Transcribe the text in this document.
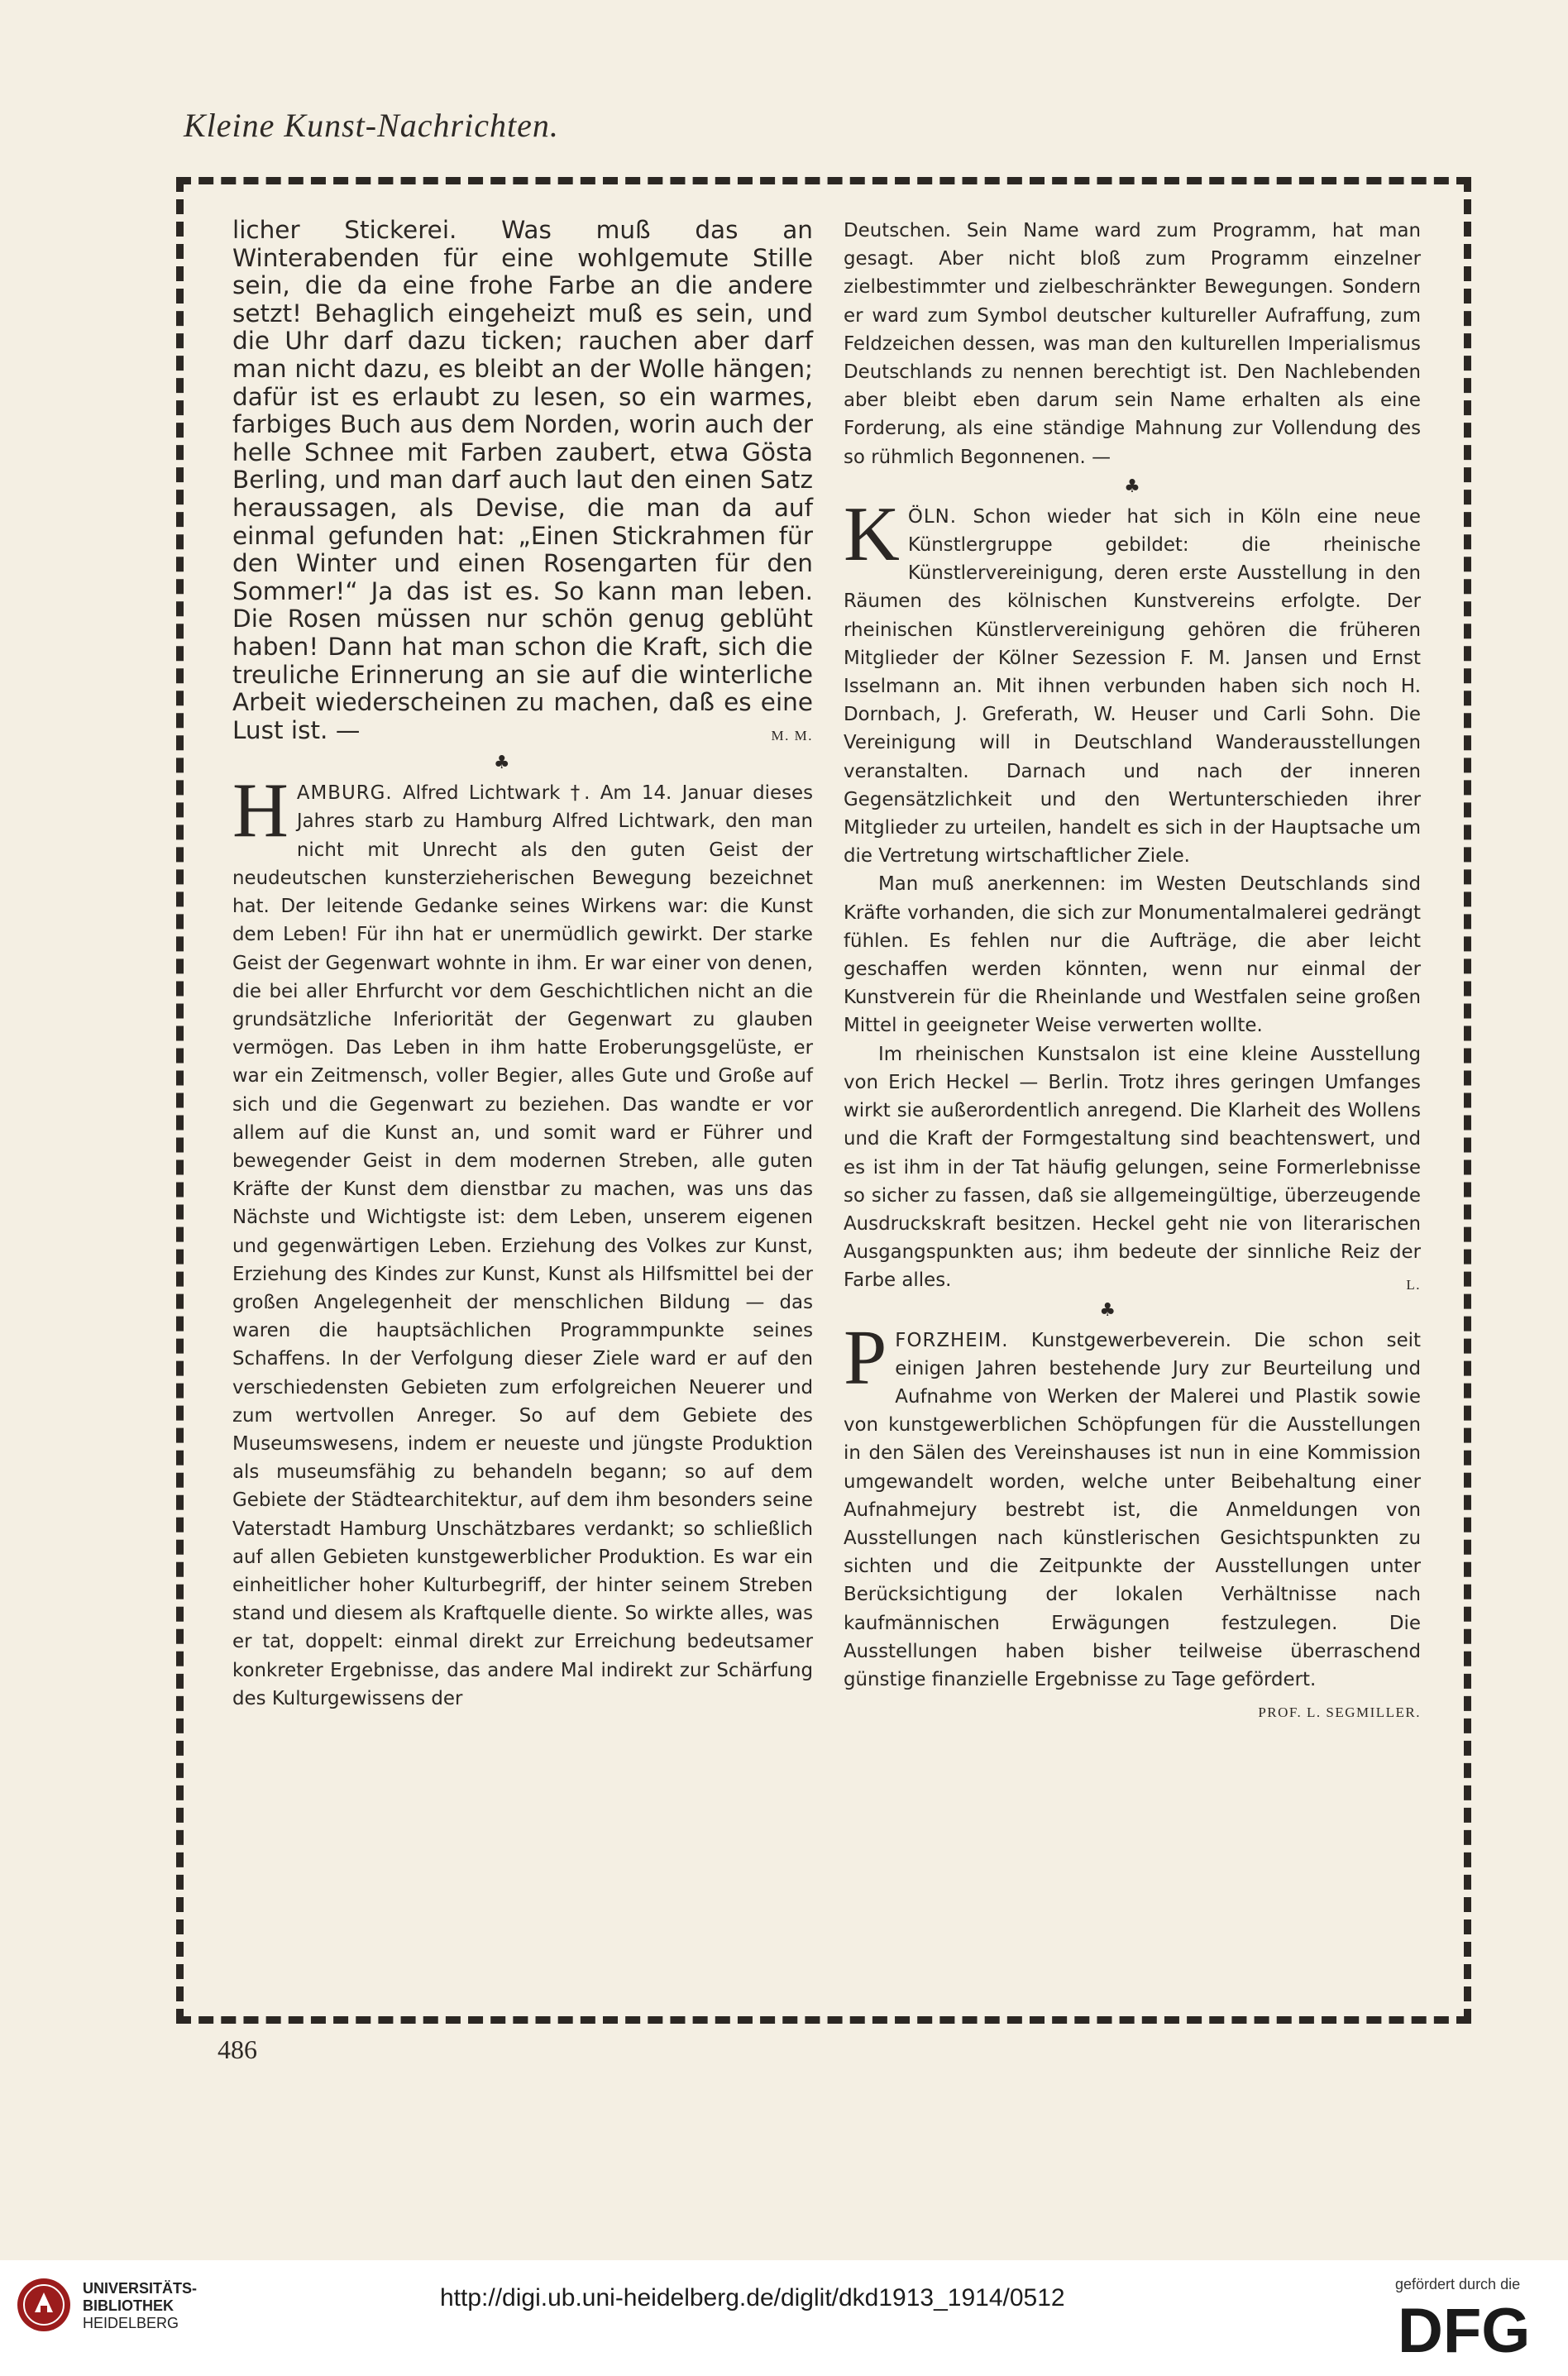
Kleine Kunst-Nachrichten.

licher Stickerei. Was muß das an Winterabenden für eine wohlgemute Stille sein, die da eine frohe Farbe an die andere setzt! Behaglich eingeheizt muß es sein, und die Uhr darf dazu ticken; rauchen aber darf man nicht dazu, es bleibt an der Wolle hängen; dafür ist es erlaubt zu lesen, so ein warmes, farbiges Buch aus dem Norden, worin auch der helle Schnee mit Farben zaubert, etwa Gösta Berling, und man darf auch laut den einen Satz heraussagen, als Devise, die man da auf einmal gefunden hat: „Einen Stickrahmen für den Winter und einen Rosengarten für den Sommer!“ Ja das ist es. So kann man leben. Die Rosen müssen nur schön genug geblüht haben! Dann hat man schon die Kraft, sich die treuliche Erinnerung an sie auf die winterliche Arbeit wiederscheinen zu machen, daß es eine Lust ist. —	M. M.

♣

H AMBURG. Alfred Lichtwark †. Am 14. Januar dieses Jahres starb zu Hamburg Alfred Lichtwark, den man nicht mit Unrecht als den guten Geist der neudeutschen kunsterzieherischen Bewegung bezeichnet hat. Der leitende Gedanke seines Wirkens war: die Kunst dem Leben! Für ihn hat er unermüdlich gewirkt. Der starke Geist der Gegenwart wohnte in ihm. Er war einer von denen, die bei aller Ehrfurcht vor dem Geschichtlichen nicht an die grundsätzliche Inferiorität der Gegenwart zu glauben vermögen. Das Leben in ihm hatte Eroberungsgelüste, er war ein Zeitmensch, voller Begier, alles Gute und Große auf sich und die Gegenwart zu beziehen. Das wandte er vor allem auf die Kunst an, und somit ward er Führer und bewegender Geist in dem modernen Streben, alle guten Kräfte der Kunst dem dienstbar zu machen, was uns das Nächste und Wichtigste ist: dem Leben, unserem eigenen und gegenwärtigen Leben. Erziehung des Volkes zur Kunst, Erziehung des Kindes zur Kunst, Kunst als Hilfsmittel bei der großen Angelegenheit der menschlichen Bildung — das waren die hauptsächlichen Programmpunkte seines Schaffens. In der Verfolgung dieser Ziele ward er auf den verschiedensten Gebieten zum erfolgreichen Neuerer und zum wertvollen Anreger. So auf dem Gebiete des Museumswesens, indem er neueste und jüngste Produktion als museumsfähig zu behandeln begann; so auf dem Gebiete der Städtearchitektur, auf dem ihm besonders seine Vaterstadt Hamburg Unschätzbares verdankt; so schließlich auf allen Gebieten kunstgewerblicher Produktion. Es war ein einheitlicher hoher Kulturbegriff, der hinter seinem Streben stand und diesem als Kraftquelle diente. So wirkte alles, was er tat, doppelt: einmal direkt zur Erreichung bedeutsamer konkreter Ergebnisse, das andere Mal indirekt zur Schärfung des Kulturgewissens der

Deutschen. Sein Name ward zum Programm, hat man gesagt. Aber nicht bloß zum Programm einzelner zielbestimmter und zielbeschränkter Bewegungen. Sondern er ward zum Symbol deutscher kultureller Aufraffung, zum Feldzeichen dessen, was man den kulturellen Imperialismus Deutschlands zu nennen berechtigt ist. Den Nachlebenden aber bleibt eben darum sein Name erhalten als eine Forderung, als eine ständige Mahnung zur Vollendung des so rühmlich Begonnenen. —

♣

K ÖLN. Schon wieder hat sich in Köln eine neue Künstlergruppe gebildet: die rheinische Künstlervereinigung, deren erste Ausstellung in den Räumen des kölnischen Kunstvereins erfolgte. Der rheinischen Künstlervereinigung gehören die früheren Mitglieder der Kölner Sezession F. M. Jansen und Ernst Isselmann an. Mit ihnen verbunden haben sich noch H. Dornbach, J. Greferath, W. Heuser und Carli Sohn. Die Vereinigung will in Deutschland Wanderausstellungen veranstalten. Darnach und nach der inneren Gegensätzlichkeit und den Wertunterschieden ihrer Mitglieder zu urteilen, handelt es sich in der Hauptsache um die Vertretung wirtschaftlicher Ziele.

Man muß anerkennen: im Westen Deutschlands sind Kräfte vorhanden, die sich zur Monumentalmalerei gedrängt fühlen. Es fehlen nur die Aufträge, die aber leicht geschaffen werden könnten, wenn nur einmal der Kunstverein für die Rheinlande und Westfalen seine großen Mittel in geeigneter Weise verwerten wollte.

Im rheinischen Kunstsalon ist eine kleine Ausstellung von Erich Heckel — Berlin. Trotz ihres geringen Umfanges wirkt sie außerordentlich anregend. Die Klarheit des Wollens und die Kraft der Formgestaltung sind beachtenswert, und es ist ihm in der Tat häufig gelungen, seine Formerlebnisse so sicher zu fassen, daß sie allgemeingültige, überzeugende Ausdruckskraft besitzen. Heckel geht nie von literarischen Ausgangspunkten aus; ihm bedeute der sinnliche Reiz der Farbe alles.	L.

♣

P FORZHEIM. Kunstgewerbeverein. Die schon seit einigen Jahren bestehende Jury zur Beurteilung und Aufnahme von Werken der Malerei und Plastik sowie von kunstgewerblichen Schöpfungen für die Ausstellungen in den Sälen des Vereinshauses ist nun in eine Kommission umgewandelt worden, welche unter Beibehaltung einer Aufnahmejury bestrebt ist, die Anmeldungen von Ausstellungen nach künstlerischen Gesichtspunkten zu sichten und die Zeitpunkte der Ausstellungen unter Berücksichtigung der lokalen Verhältnisse nach kaufmännischen Erwägungen festzulegen. Die Ausstellungen haben bisher teilweise überraschend günstige finanzielle Ergebnisse zu Tage gefördert.
PROF. L. SEGMILLER.

486
UNIVERSITÄTS-
BIBLIOTHEK
HEIDELBERG
http://digi.ub.uni-heidelberg.de/diglit/dkd1913_1914/0512	gefördert durch die
DFG
